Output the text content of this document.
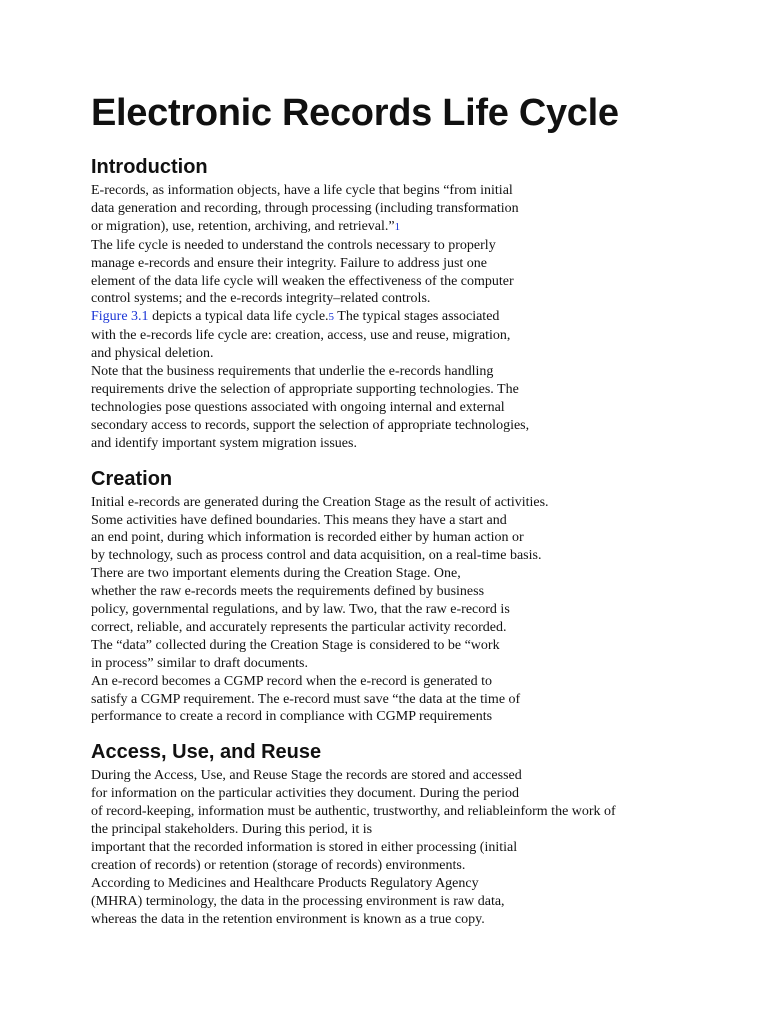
Electronic Records Life Cycle
Introduction
E-records, as information objects, have a life cycle that begins “from initial
data generation and recording, through processing (including transformation
or migration), use, retention, archiving, and retrieval.”1
The life cycle is needed to understand the controls necessary to properly
manage e-records and ensure their integrity. Failure to address just one
element of the data life cycle will weaken the effectiveness of the computer
control systems; and the e-records integrity–related controls.
Figure 3.1 depicts a typical data life cycle.5 The typical stages associated
with the e-records life cycle are: creation, access, use and reuse, migration,
and physical deletion.
Note that the business requirements that underlie the e-records handling
requirements drive the selection of appropriate supporting technologies. The
technologies pose questions associated with ongoing internal and external
secondary access to records, support the selection of appropriate technologies,
and identify important system migration issues.
Creation
Initial e-records are generated during the Creation Stage as the result of activities.
Some activities have defined boundaries. This means they have a start and
an end point, during which information is recorded either by human action or
by technology, such as process control and data acquisition, on a real-time basis.
There are two important elements during the Creation Stage. One,
whether the raw e-records meets the requirements defined by business
policy, governmental regulations, and by law. Two, that the raw e-record is
correct, reliable, and accurately represents the particular activity recorded.
The “data” collected during the Creation Stage is considered to be “work
in process” similar to draft documents.
An e-record becomes a CGMP record when the e-record is generated to
satisfy a CGMP requirement. The e-record must save “the data at the time of
performance to create a record in compliance with CGMP requirements
Access, Use, and Reuse
During the Access, Use, and Reuse Stage the records are stored and accessed
for information on the particular activities they document. During the period
of record-keeping, information must be authentic, trustworthy, and reliableinform the work of
the principal stakeholders. During this period, it is
important that the recorded information is stored in either processing (initial
creation of records) or retention (storage of records) environments.
According to Medicines and Healthcare Products Regulatory Agency
(MHRA) terminology, the data in the processing environment is raw data,
whereas the data in the retention environment is known as a true copy.
